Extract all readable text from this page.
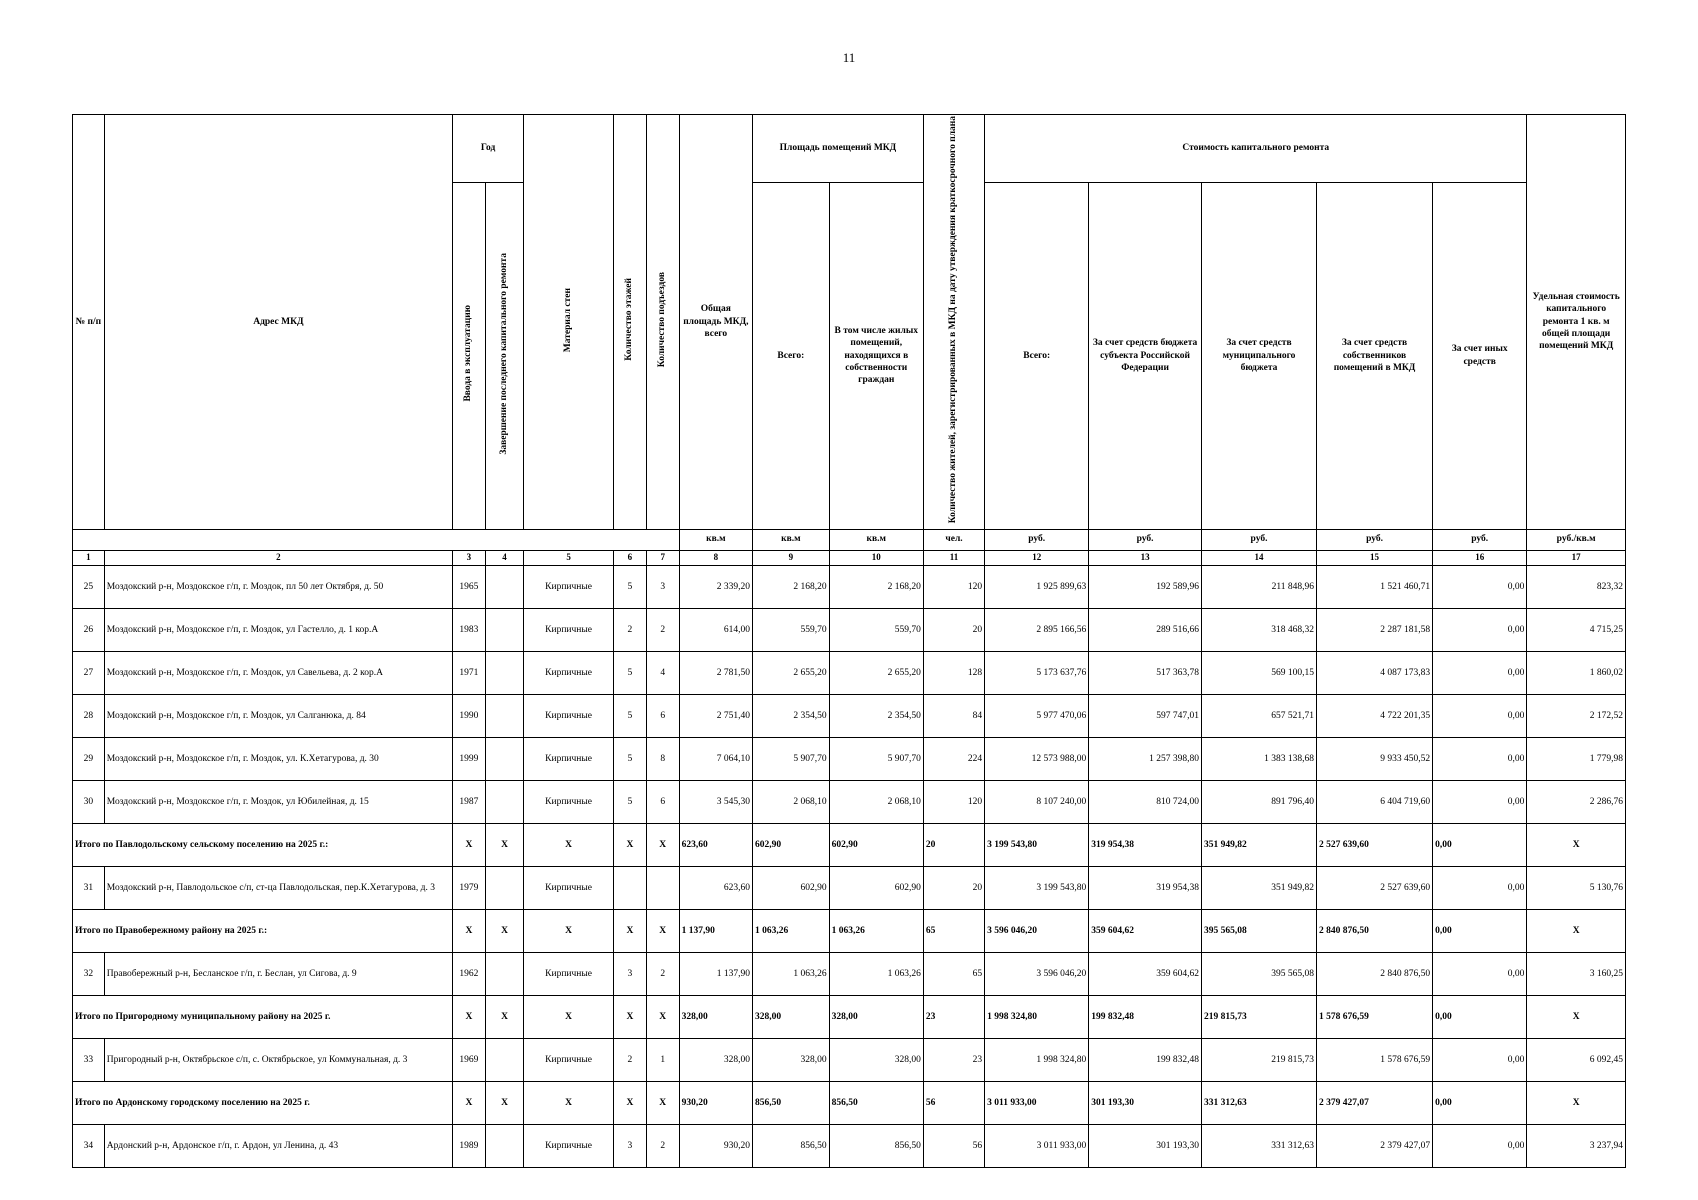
11
№ п/п	Адрес МКД	Год		Материал стен	Количество этажей	Количество подъездов	Общая площадь МКД, всего	Площадь помещений МКД		Количество жителей, зарегистрированных в МКД на дату утверждения краткосрочного плана	Стоимость капитального ремонта					Удельная стоимость капитального ремонта 1 кв. м общей площади помещений МКД
		Ввода в эксплуатацию	Завершение последнего капитального ремонта					Всего:	В том числе жилых помещений, находящихся в собственности граждан		Всего:	За счет средств бюджета субъекта Российской Федерации	За счет средств муниципального бюджета	За счет средств собственников помещений в МКД	За счет иных средств	
							кв.м	кв.м	кв.м	чел.	руб.	руб.	руб.	руб.	руб.	руб./кв.м
1	2	3	4	5	6	7	8	9	10	11	12	13	14	15	16	17
25	Моздокский р-н, Моздокское г/п, г. Моздок, пл 50 лет Октября, д. 50	1965		Кирпичные	5	3	2 339,20	2 168,20	2 168,20	120	1 925 899,63	192 589,96	211 848,96	1 521 460,71	0,00	823,32
26	Моздокский р-н, Моздокское г/п, г. Моздок, ул Гастелло, д. 1 кор.А	1983		Кирпичные	2	2	614,00	559,70	559,70	20	2 895 166,56	289 516,66	318 468,32	2 287 181,58	0,00	4 715,25
27	Моздокский р-н, Моздокское г/п, г. Моздок, ул Савельева, д. 2 кор.А	1971		Кирпичные	5	4	2 781,50	2 655,20	2 655,20	128	5 173 637,76	517 363,78	569 100,15	4 087 173,83	0,00	1 860,02
28	Моздокский р-н, Моздокское г/п, г. Моздок, ул Салганюка, д. 84	1990		Кирпичные	5	6	2 751,40	2 354,50	2 354,50	84	5 977 470,06	597 747,01	657 521,71	4 722 201,35	0,00	2 172,52
29	Моздокский р-н, Моздокское г/п, г. Моздок, ул. К.Хетагурова, д. 30	1999		Кирпичные	5	8	7 064,10	5 907,70	5 907,70	224	12 573 988,00	1 257 398,80	1 383 138,68	9 933 450,52	0,00	1 779,98
30	Моздокский р-н, Моздокское г/п, г. Моздок, ул Юбилейная, д. 15	1987		Кирпичные	5	6	3 545,30	2 068,10	2 068,10	120	8 107 240,00	810 724,00	891 796,40	6 404 719,60	0,00	2 286,76
Итого по Павлодольскому сельскому поселению на 2025 г.:		X	X	X	X	X	623,60	602,90	602,90	20	3 199 543,80	319 954,38	351 949,82	2 527 639,60	0,00	X
31	Моздокский р-н, Павлодольское с/п, ст-ца Павлодольская, пер.К.Хетагурова, д. 3	1979		Кирпичные			623,60	602,90	602,90	20	3 199 543,80	319 954,38	351 949,82	2 527 639,60	0,00	5 130,76
Итого по Правобережному району на 2025 г.:		X	X	X	X	X	1 137,90	1 063,26	1 063,26	65	3 596 046,20	359 604,62	395 565,08	2 840 876,50	0,00	X
32	Правобережный р-н, Бесланское г/п, г. Беслан, ул Сигова, д. 9	1962		Кирпичные	3	2	1 137,90	1 063,26	1 063,26	65	3 596 046,20	359 604,62	395 565,08	2 840 876,50	0,00	3 160,25
Итого по Пригородному муниципальному району на 2025 г.		X	X	X	X	X	328,00	328,00	328,00	23	1 998 324,80	199 832,48	219 815,73	1 578 676,59	0,00	X
33	Пригородный р-н, Октябрьское с/п, с. Октябрьское, ул Коммунальная, д. 3	1969		Кирпичные	2	1	328,00	328,00	328,00	23	1 998 324,80	199 832,48	219 815,73	1 578 676,59	0,00	6 092,45
Итого по Ардонскому городскому поселению на 2025 г.		X	X	X	X	X	930,20	856,50	856,50	56	3 011 933,00	301 193,30	331 312,63	2 379 427,07	0,00	X
34	Ардонский р-н, Ардонское г/п, г. Ардон, ул Ленина, д. 43	1989		Кирпичные	3	2	930,20	856,50	856,50	56	3 011 933,00	301 193,30	331 312,63	2 379 427,07	0,00	3 237,94
